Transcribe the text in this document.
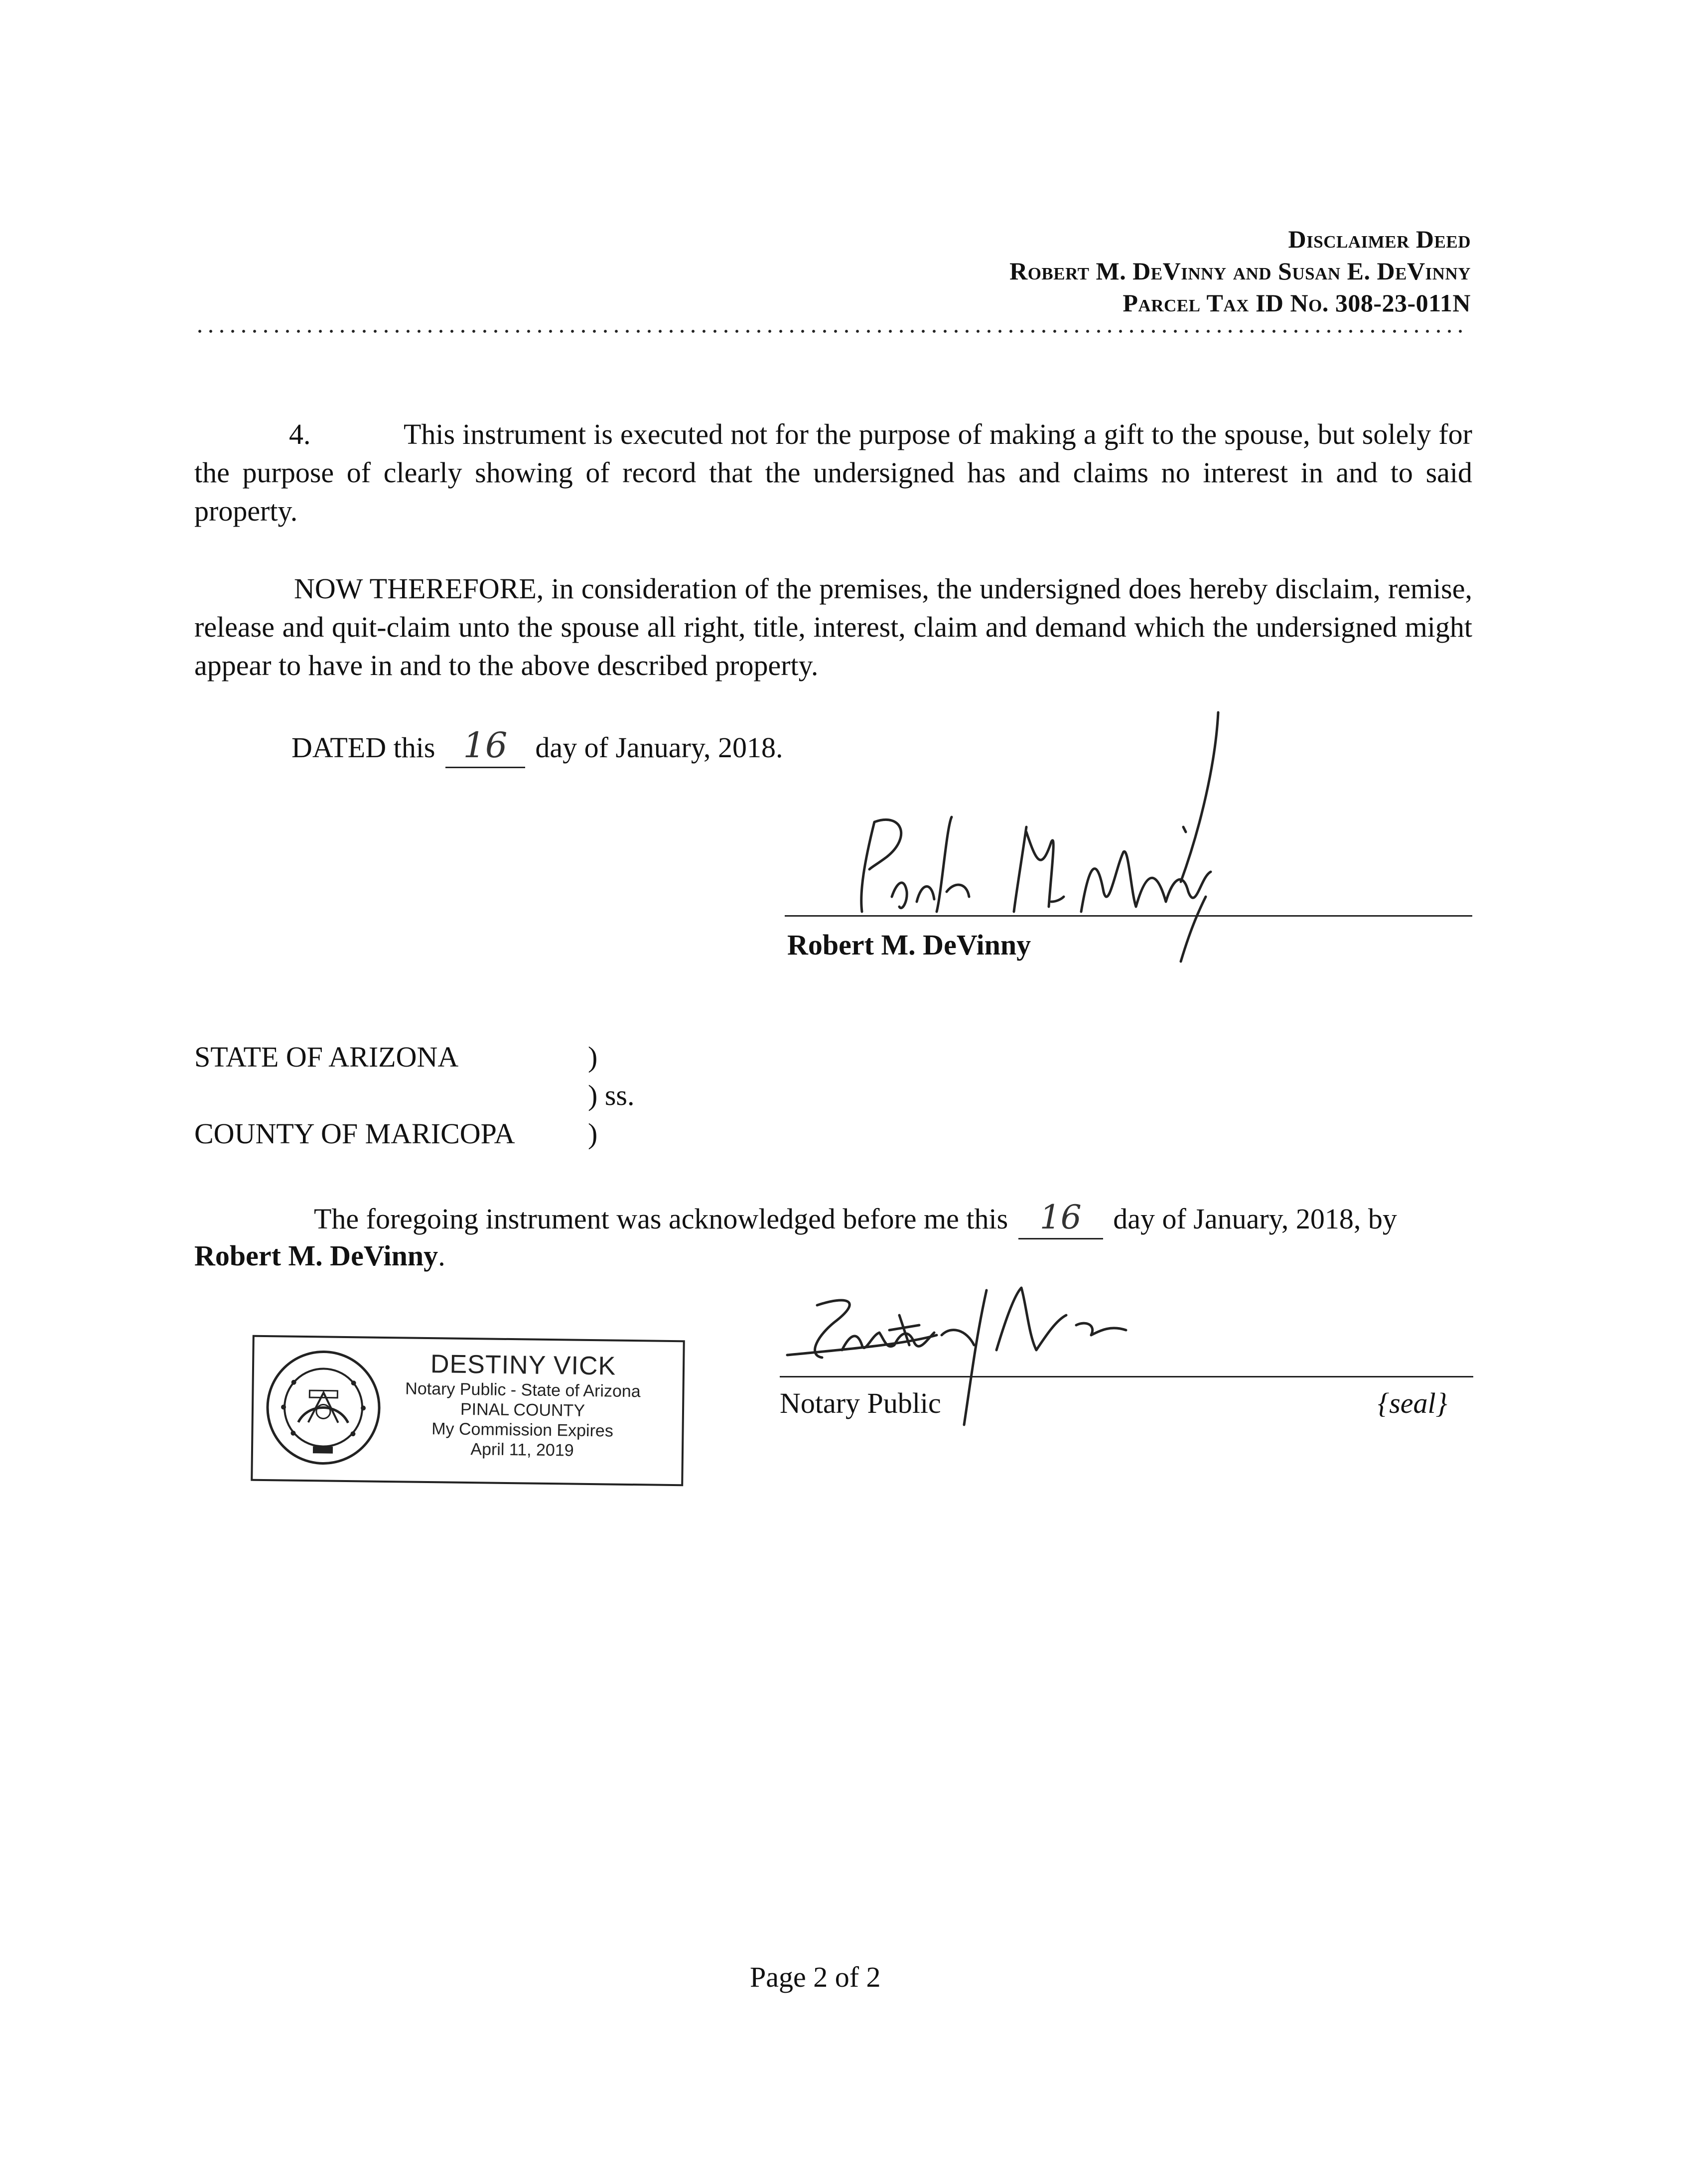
Disclaimer Deed
Robert M. DeVinny and Susan E. DeVinny
Parcel Tax ID No. 308-23-011N
4.	This instrument is executed not for the purpose of making a gift to the spouse, but solely for the purpose of clearly showing of record that the undersigned has and claims no interest in and to said property.
NOW THEREFORE, in consideration of the premises, the undersigned does hereby disclaim, remise, release and quit-claim unto the spouse all right, title, interest, claim and demand which the undersigned might appear to have in and to the above described property.
DATED this 16 day of January, 2018.
Robert M. DeVinny
STATE OF ARIZONA	)
) ss.
COUNTY OF MARICOPA	)
The foregoing instrument was acknowledged before me this 16 day of January, 2018, by
Robert M. DeVinny.
DESTINY VICK
Notary Public - State of Arizona
PINAL COUNTY
My Commission Expires
April 11, 2019
Notary Public	{seal}
Page 2 of 2
